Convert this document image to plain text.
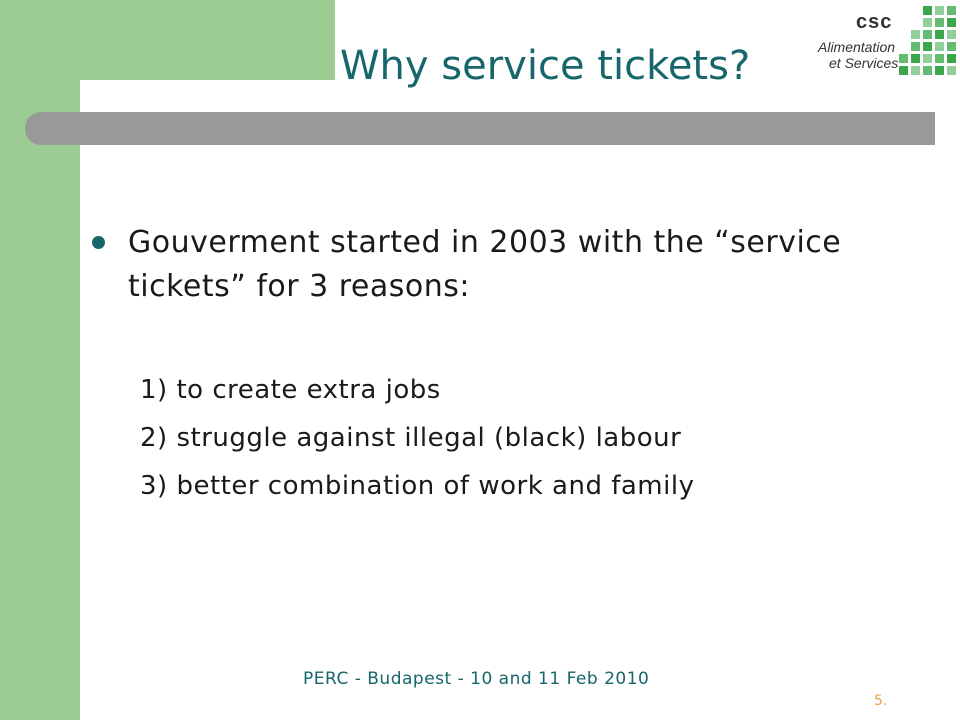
Why service tickets?
csc
Alimentation
et Services

Gouverment started in 2003 with the “service tickets” for 3 reasons:

1) to create extra jobs
2) struggle against illegal (black) labour
3) better combination of work and family
PERC - Budapest - 10 and 11 Feb 2010
5.
